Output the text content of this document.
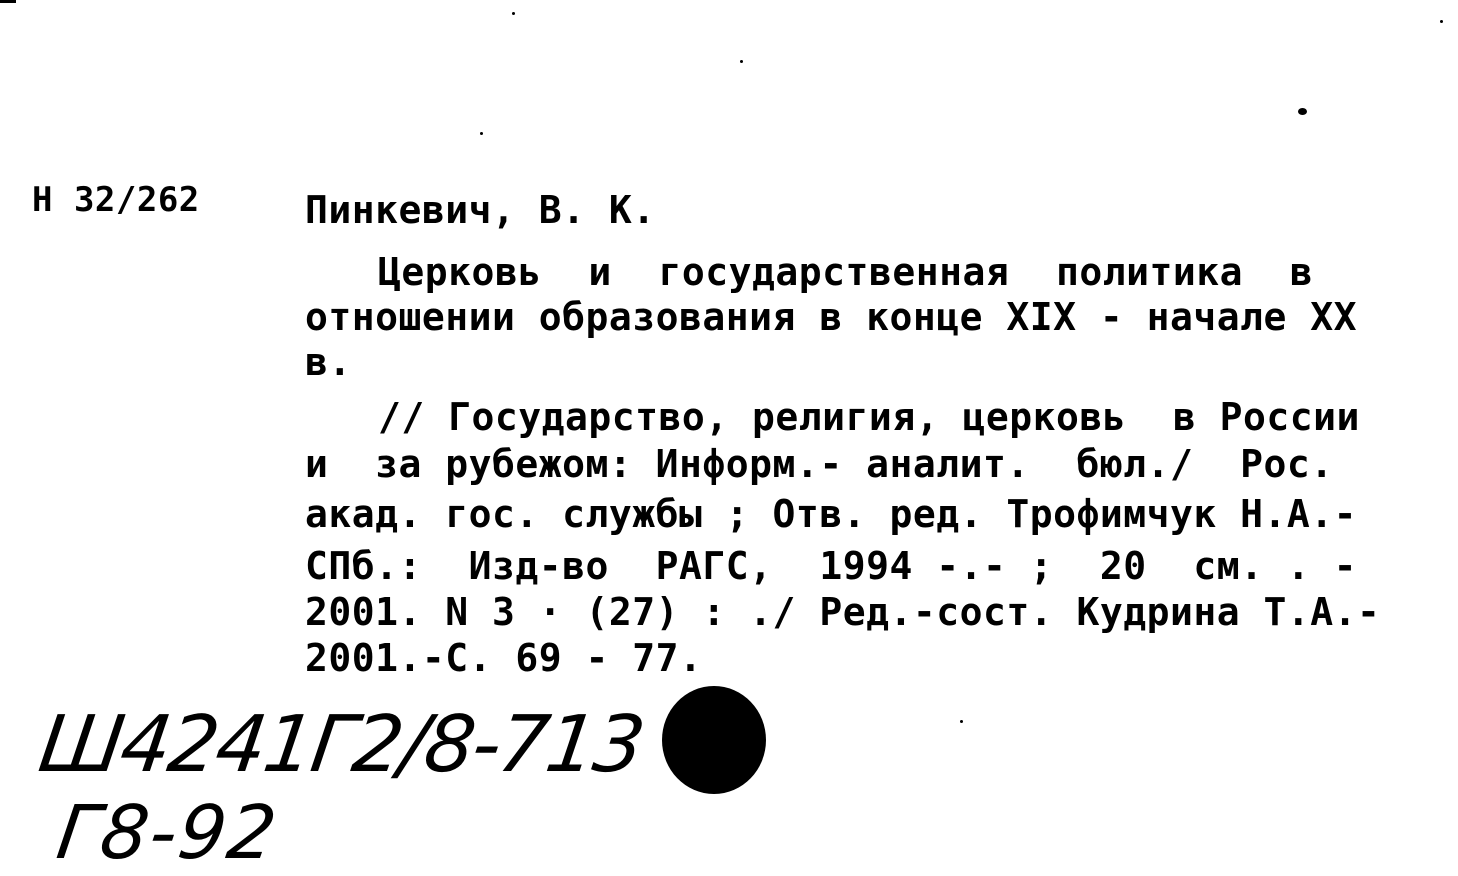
Н 32/262	Пинкевич, В. К.
Церковь  и  государственная  политика  в
отношении образования в конце XIX - начале XX
в.
// Государство, религия, церковь  в России
и  за рубежом: Информ.- аналит.  бюл./  Рос.
акад. гос. службы ; Отв. ред. Трофимчук Н.А.-
СПб.:  Изд-во  РАГС,  1994 -.- ;  20  см. . -
2001. N 3 · (27) : ./ Ред.-сост. Кудрина Т.А.-
2001.-С. 69 - 77.
Ш4241Г2/8-713
Г8-92
